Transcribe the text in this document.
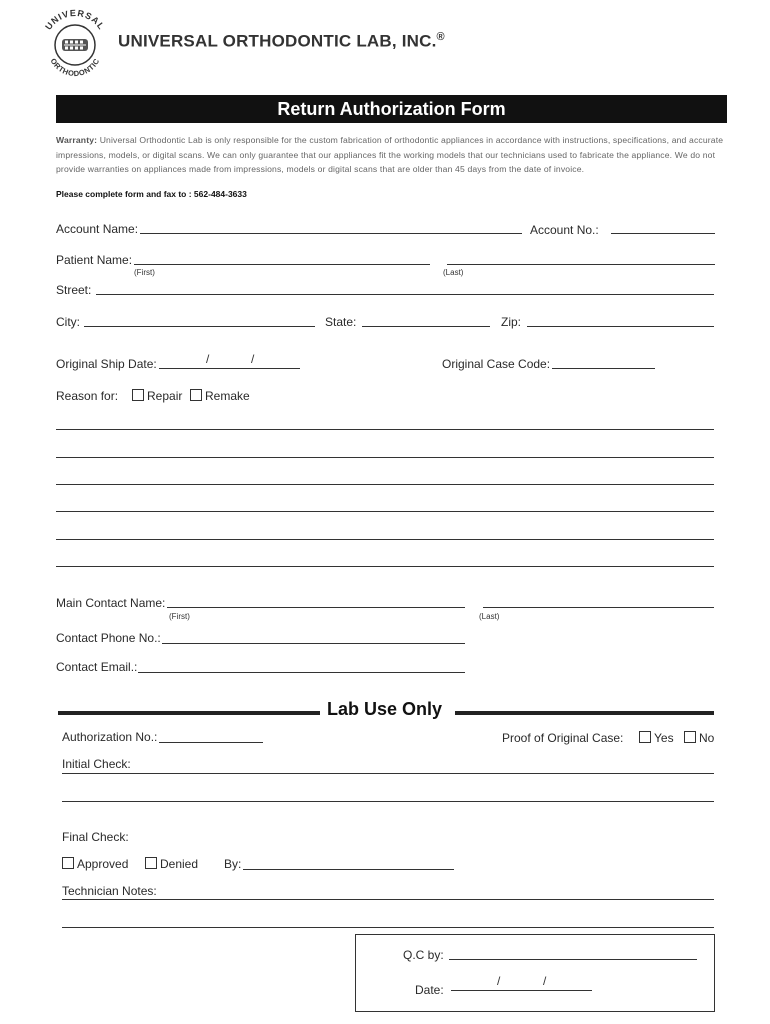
UNIVERSAL
ORTHODONTIC
UNIVERSAL ORTHODONTIC LAB, INC.®
Return Authorization Form
Warranty: Universal Orthodontic Lab is only responsible for the custom fabrication of orthodontic appliances in accordance with instructions, specifications, and accurate impressions, models, or digital scans. We can only guarantee that our appliances fit the working models that our technicians used to fabricate the appliance. We do not provide warranties on appliances made from impressions, models or digital scans that are older than 45 days from the date of invoice.
Please complete form and fax to : 562-484-3633
Account Name:	Account No.:
Patient Name:
(First)	(Last)
Street:
City:	State:	Zip:
Original Ship Date:	/	/	Original Case Code:
Reason for:	Repair	Remake
Main Contact Name:
(First)	(Last)
Contact Phone No.:
Contact Email.:
Lab Use Only
Authorization No.:	Proof of Original Case:	Yes	No
Initial Check:
Final Check:
Approved	Denied By:
Technician Notes:
Q.C by:
Date:
/	/
